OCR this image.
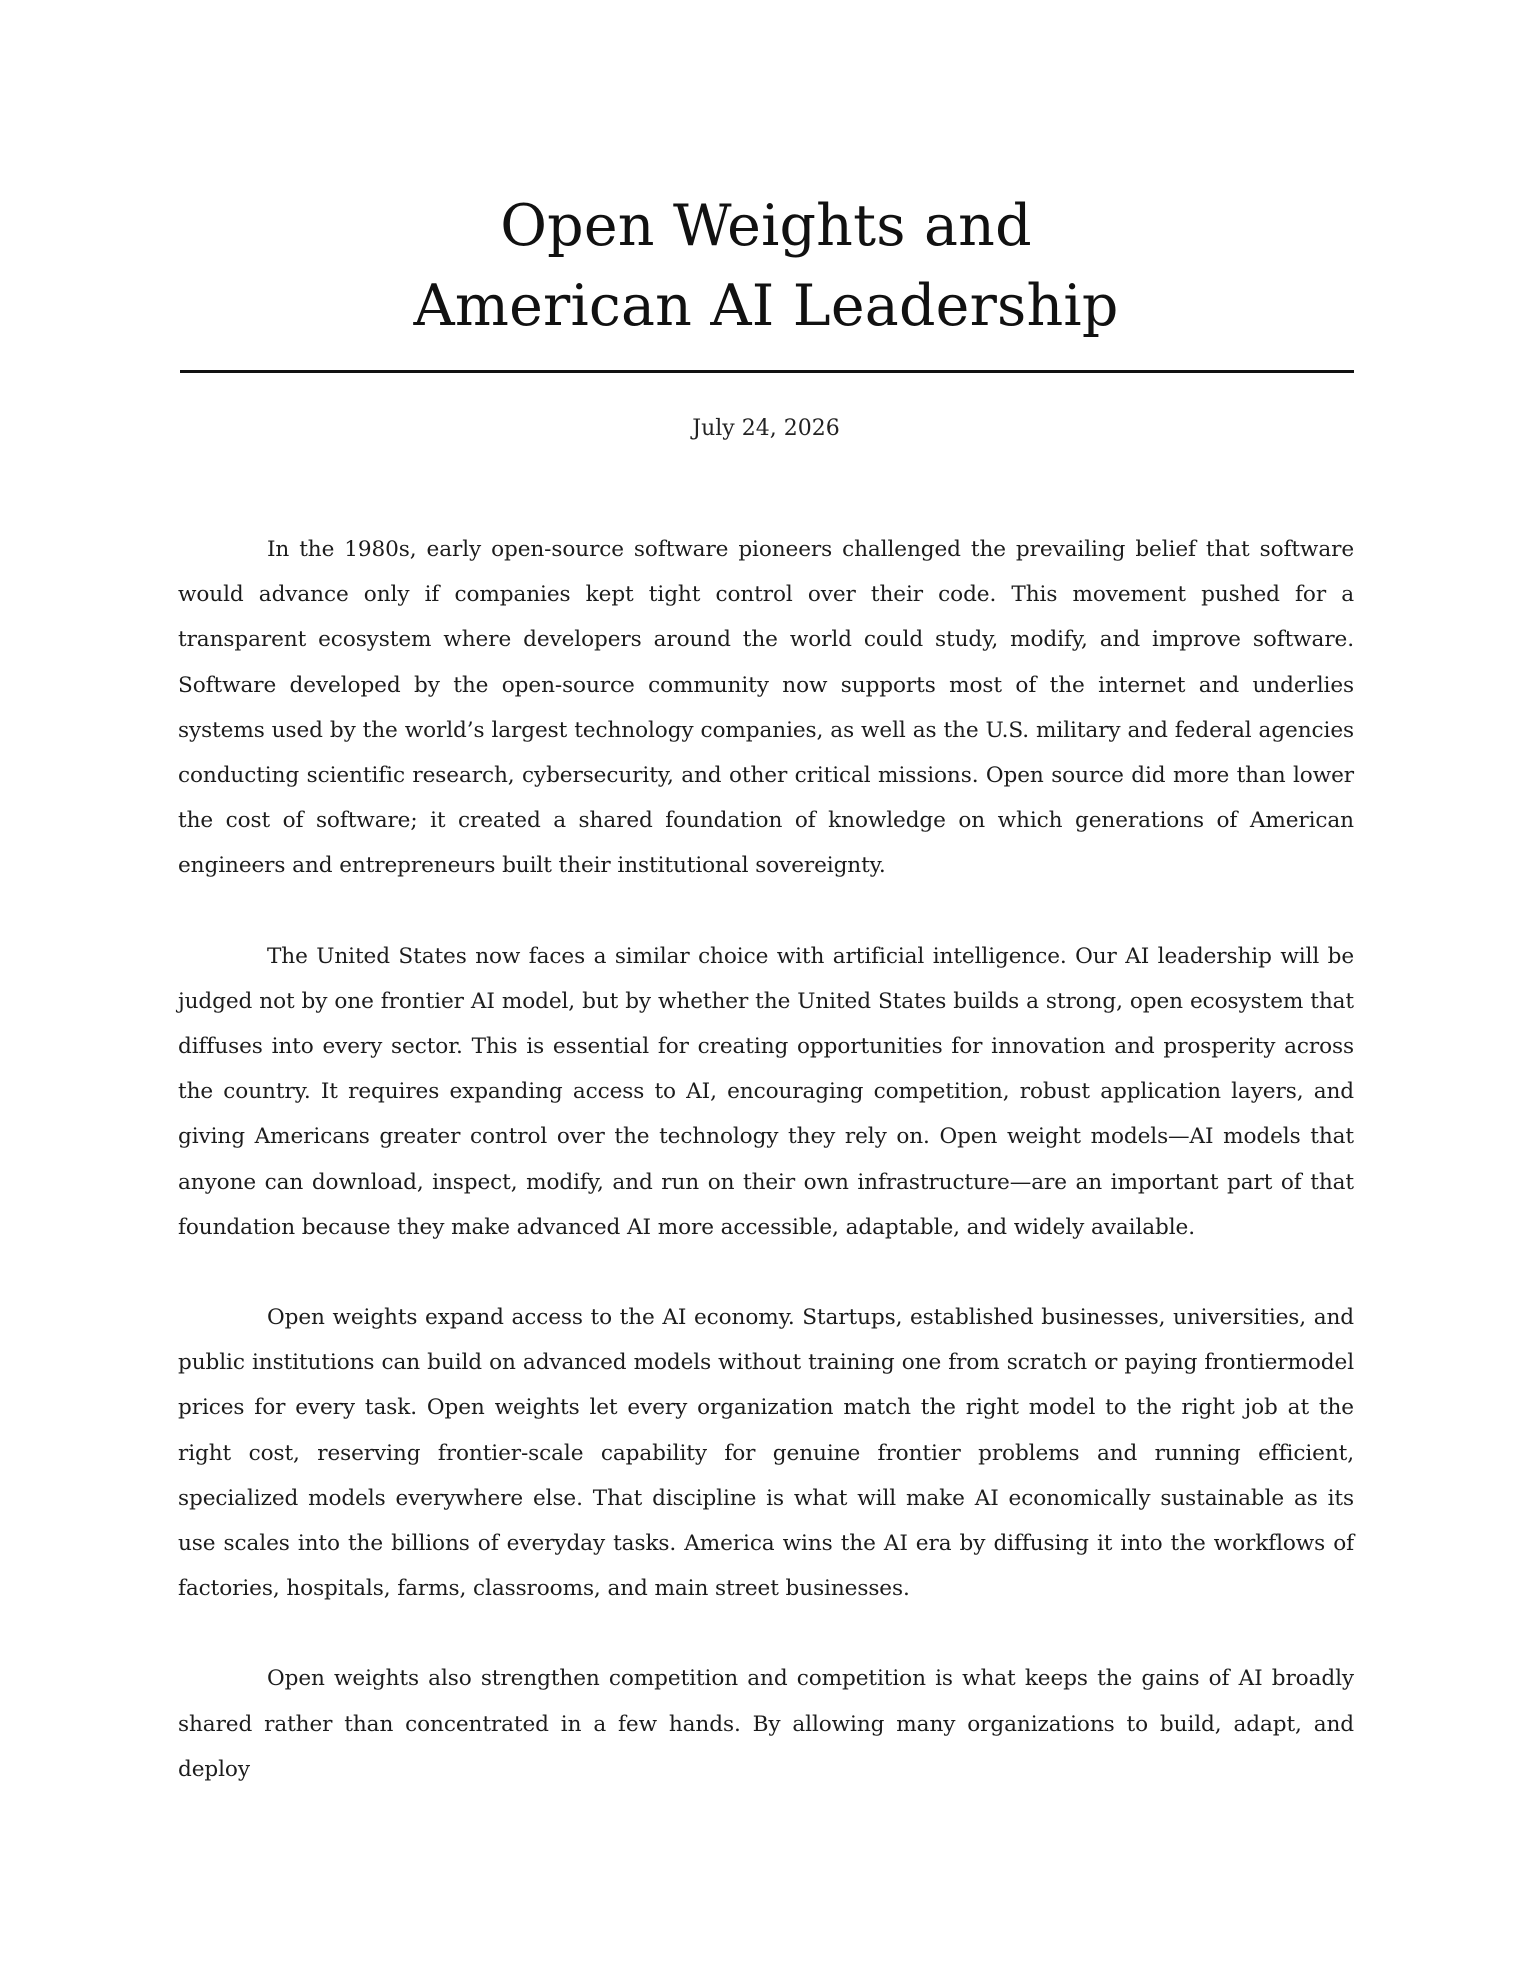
Open Weights and
American AI Leadership
July 24, 2026

In the 1980s, early open-source software pioneers challenged the prevailing belief that software would advance only if companies kept tight control over their code. This movement pushed for a transparent ecosystem where developers around the world could study, modify, and improve software. Software developed by the open-source community now supports most of the internet and underlies systems used by the world’s largest technology companies, as well as the U.S. military and federal agencies conducting scientific research, cybersecurity, and other critical missions. Open source did more than lower the cost of software; it created a shared foundation of knowledge on which generations of American engineers and entrepreneurs built their institutional sovereignty.

The United States now faces a similar choice with artificial intelligence. Our AI leadership will be judged not by one frontier AI model, but by whether the United States builds a strong, open ecosystem that diffuses into every sector. This is essential for creating opportunities for innovation and prosperity across the country. It requires expanding access to AI, encouraging competition, robust application layers, and giving Americans greater control over the technology they rely on. Open weight models—AI models that anyone can download, inspect, modify, and run on their own infrastructure—are an important part of that foundation because they make advanced AI more accessible, adaptable, and widely available.

Open weights expand access to the AI economy. Startups, established businesses, universities, and public institutions can build on advanced models without training one from scratch or paying frontiermodel prices for every task. Open weights let every organization match the right model to the right job at the right cost, reserving frontier-scale capability for genuine frontier problems and running efficient, specialized models everywhere else. That discipline is what will make AI economically sustainable as its use scales into the billions of everyday tasks. America wins the AI era by diffusing it into the workflows of factories, hospitals, farms, classrooms, and main street businesses.

Open weights also strengthen competition and competition is what keeps the gains of AI broadly shared rather than concentrated in a few hands. By allowing many organizations to build, adapt, and deploy
